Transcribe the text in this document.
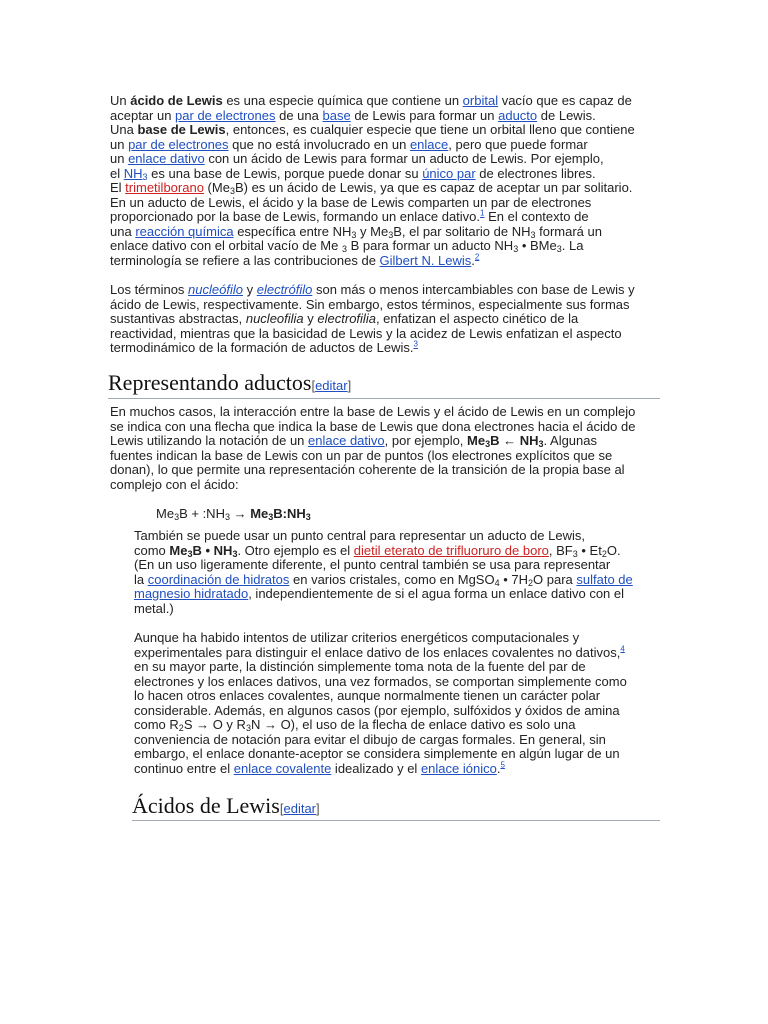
Un ácido de Lewis es una especie química que contiene un orbital vacío que es capaz de

aceptar un par de electrones de una base de Lewis para formar un aducto de Lewis.

Una base de Lewis, entonces, es cualquier especie que tiene un orbital lleno que contiene

un par de electrones que no está involucrado en un enlace, pero que puede formar

un enlace dativo con un ácido de Lewis para formar un aducto de Lewis. Por ejemplo,

el $NH_3$ es una base de Lewis, porque puede donar su único par de electrones libres.

El trimetilborano $(Me_3B)$ es un ácido de Lewis, ya que es capaz de aceptar un par solitario.

En un aducto de Lewis, el ácido y la base de Lewis comparten un par de electrones

proporcionado por la base de Lewis, formando un enlace dativo.$^1$ En el contexto de

una reacción química específica entre $NH_3$ y $Me_3B$, el par solitario de $NH_3$ formará un

enlace dativo con el orbital vacío de Me $_3$ B para formar un aducto $NH_3$ • BMe$_3$. La

terminología se refiere a las contribuciones de Gilbert N. Lewis.$^2$

Los términos nucleófilo y electrófilo son más o menos intercambiables con base de Lewis y

ácido de Lewis, respectivamente. Sin embargo, estos términos, especialmente sus formas

sustantivas abstractas, nucleofilia y electrofilia, enfatizan el aspecto cinético de la

reactividad, mientras que la basicidad de Lewis y la acidez de Lewis enfatizan el aspecto

termodinámico de la formación de aductos de Lewis.$^3$

Representando aductos[editar]

En muchos casos, la interacción entre la base de Lewis y el ácido de Lewis en un complejo

se indica con una flecha que indica la base de Lewis que dona electrones hacia el ácido de

Lewis utilizando la notación de un enlace dativo, por ejemplo, $Me_3B$ ← $NH_3$. Algunas

fuentes indican la base de Lewis con un par de puntos (los electrones explícitos que se

donan), lo que permite una representación coherente de la transición de la propia base al

complejo con el ácido:

$Me_3B$ + $:NH_3$ → $Me_3B:NH_3$

También se puede usar un punto central para representar un aducto de Lewis,

como $Me_3B$ • $NH_3$. Otro ejemplo es el dietil eterato de trifluoruro de boro, $BF_3$ • $Et_2O$.

(En un uso ligeramente diferente, el punto central también se usa para representar

la coordinación de hidratos en varios cristales, como en MgSO$_4$ • $7H_2O$ para sulfato de

magnesio hidratado, independientemente de si el agua forma un enlace dativo con el

metal.)

Aunque ha habido intentos de utilizar criterios energéticos computacionales y

experimentales para distinguir el enlace dativo de los enlaces covalentes no dativos,$^4$

en su mayor parte, la distinción simplemente toma nota de la fuente del par de

electrones y los enlaces dativos, una vez formados, se comportan simplemente como

lo hacen otros enlaces covalentes, aunque normalmente tienen un carácter polar

considerable. Además, en algunos casos (por ejemplo, sulfóxidos y óxidos de amina

como $R_2S \to O$ y $R_3N \to O$), el uso de la flecha de enlace dativo es solo una

conveniencia de notación para evitar el dibujo de cargas formales. En general, sin

embargo, el enlace donante-aceptor se considera simplemente en algún lugar de un

continuo entre el enlace covalente idealizado y el enlace iónico.$^5$

Ácidos de Lewis[editar]
